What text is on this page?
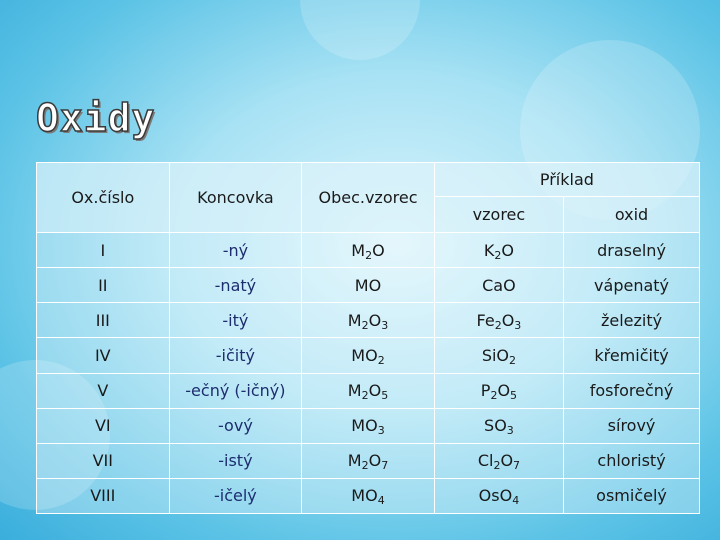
Oxidy
Ox.číslo	Koncovka	Obec.vzorec	Příklad	
			vzorec	oxid
I	-ný	$M_2O$	$K_2O$	draselný
II	-natý	MO	CaO	vápenatý
III	-itý	$M_2O_3$	$Fe_2O_3$	železitý
IV	-ičitý	$MO_2$	SiO$_2$	křemičitý
V	-ečný (-ičný)	$M_2O_5$	$P_2O_5$	fosforečný
VI	-ový	$MO_3$	$SO_3$	sírový
VII	-istý	$M_2O_7$	$Cl_2O_7$	chloristý
VIII	-ičelý	$MO_4$	OsO$_4$	osmičelý
